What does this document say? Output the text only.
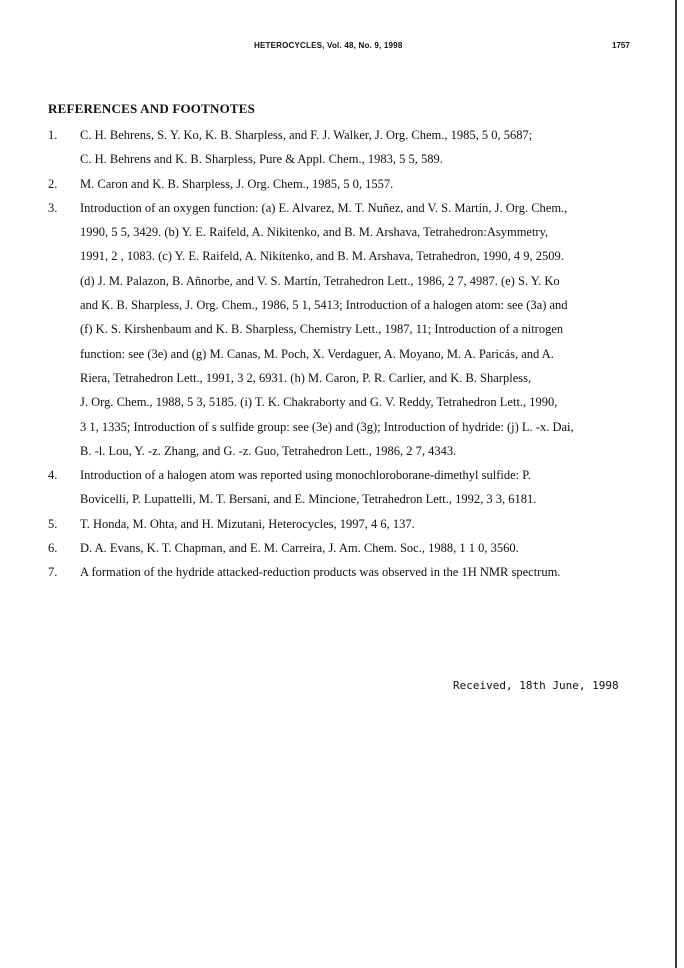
HETEROCYCLES, Vol. 48, No. 9, 1998	1757
REFERENCES AND FOOTNOTES
1. C. H. Behrens, S. Y. Ko, K. B. Sharpless, and F. J. Walker, J. Org. Chem., 1985, 5 0, 5687;
C. H. Behrens and K. B. Sharpless, Pure & Appl. Chem., 1983, 5 5, 589.
2. M. Caron and K. B. Sharpless, J. Org. Chem., 1985, 5 0, 1557.
3. Introduction of an oxygen function: (a) E. Alvarez, M. T. Nuñez, and V. S. Martín, J. Org. Chem.,
1990, 5 5, 3429. (b) Y. E. Raifeld, A. Nikitenko, and B. M. Arshava, Tetrahedron:Asymmetry,
1991, 2 , 1083. (c) Y. E. Raifeld, A. Nikitenko, and B. M. Arshava, Tetrahedron, 1990, 4 9, 2509.
(d) J. M. Palazon, B. Añnorbe, and V. S. Martín, Tetrahedron Lett., 1986, 2 7, 4987. (e) S. Y. Ko
and K. B. Sharpless, J. Org. Chem., 1986, 5 1, 5413; Introduction of a halogen atom: see (3a) and
(f) K. S. Kirshenbaum and K. B. Sharpless, Chemistry Lett., 1987, 11; Introduction of a nitrogen
function: see (3e) and (g) M. Canas, M. Poch, X. Verdaguer, A. Moyano, M. A. Paricás, and A.
Riera, Tetrahedron Lett., 1991, 3 2, 6931. (h) M. Caron, P. R. Carlier, and K. B. Sharpless,
J. Org. Chem., 1988, 5 3, 5185. (i) T. K. Chakraborty and G. V. Reddy, Tetrahedron Lett., 1990,
3 1, 1335; Introduction of s sulfide group: see (3e) and (3g); Introduction of hydride: (j) L. -x. Dai,
B. -l. Lou, Y. -z. Zhang, and G. -z. Guo, Tetrahedron Lett., 1986, 2 7, 4343.
4. Introduction of a halogen atom was reported using monochloroborane-dimethyl sulfide: P.
Bovicelli, P. Lupattelli, M. T. Bersani, and E. Mincione, Tetrahedron Lett., 1992, 3 3, 6181.
5. T. Honda, M. Ohta, and H. Mizutani, Heterocycles, 1997, 4 6, 137.
6. D. A. Evans, K. T. Chapman, and E. M. Carreira, J. Am. Chem. Soc., 1988, 1 1 0, 3560.
7. A formation of the hydride attacked-reduction products was observed in the 1H NMR spectrum.
Received, 18th June, 1998
